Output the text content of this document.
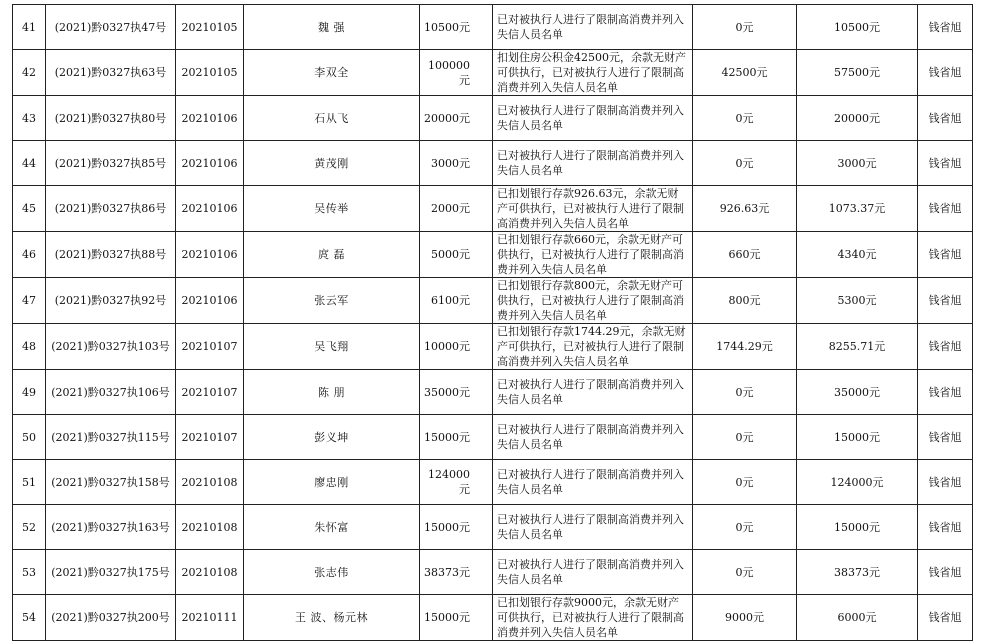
41	(2021)黔0327执47号	20210105	魏 强	10500元	已对被执行人进行了限制高消费并列入失信人员名单	0元	10500元	钱省旭
42	(2021)黔0327执63号	20210105	李双全	100000元	扣划住房公积金42500元，余款无财产可供执行，已对被执行人进行了限制高消费并列入失信人员名单	42500元	57500元	钱省旭
43	(2021)黔0327执80号	20210106	石从飞	20000元	已对被执行人进行了限制高消费并列入失信人员名单	0元	20000元	钱省旭
44	(2021)黔0327执85号	20210106	黄茂刚	3000元	已对被执行人进行了限制高消费并列入失信人员名单	0元	3000元	钱省旭
45	(2021)黔0327执86号	20210106	吴传举	2000元	已扣划银行存款926.63元，余款无财产可供执行，已对被执行人进行了限制高消费并列入失信人员名单	926.63元	1073.37元	钱省旭
46	(2021)黔0327执88号	20210106	庹 磊	5000元	已扣划银行存款660元，余款无财产可供执行，已对被执行人进行了限制高消费并列入失信人员名单	660元	4340元	钱省旭
47	(2021)黔0327执92号	20210106	张云军	6100元	已扣划银行存款800元，余款无财产可供执行，已对被执行人进行了限制高消费并列入失信人员名单	800元	5300元	钱省旭
48	(2021)黔0327执103号	20210107	吴飞翔	10000元	已扣划银行存款1744.29元，余款无财产可供执行，已对被执行人进行了限制高消费并列入失信人员名单	1744.29元	8255.71元	钱省旭
49	(2021)黔0327执106号	20210107	陈 朋	35000元	已对被执行人进行了限制高消费并列入失信人员名单	0元	35000元	钱省旭
50	(2021)黔0327执115号	20210107	彭义坤	15000元	已对被执行人进行了限制高消费并列入失信人员名单	0元	15000元	钱省旭
51	(2021)黔0327执158号	20210108	廖忠刚	124000元	已对被执行人进行了限制高消费并列入失信人员名单	0元	124000元	钱省旭
52	(2021)黔0327执163号	20210108	朱怀富	15000元	已对被执行人进行了限制高消费并列入失信人员名单	0元	15000元	钱省旭
53	(2021)黔0327执175号	20210108	张志伟	38373元	已对被执行人进行了限制高消费并列入失信人员名单	0元	38373元	钱省旭
54	(2021)黔0327执200号	20210111	王 波、杨元林	15000元	已扣划银行存款9000元，余款无财产可供执行，已对被执行人进行了限制高消费并列入失信人员名单	9000元	6000元	钱省旭
